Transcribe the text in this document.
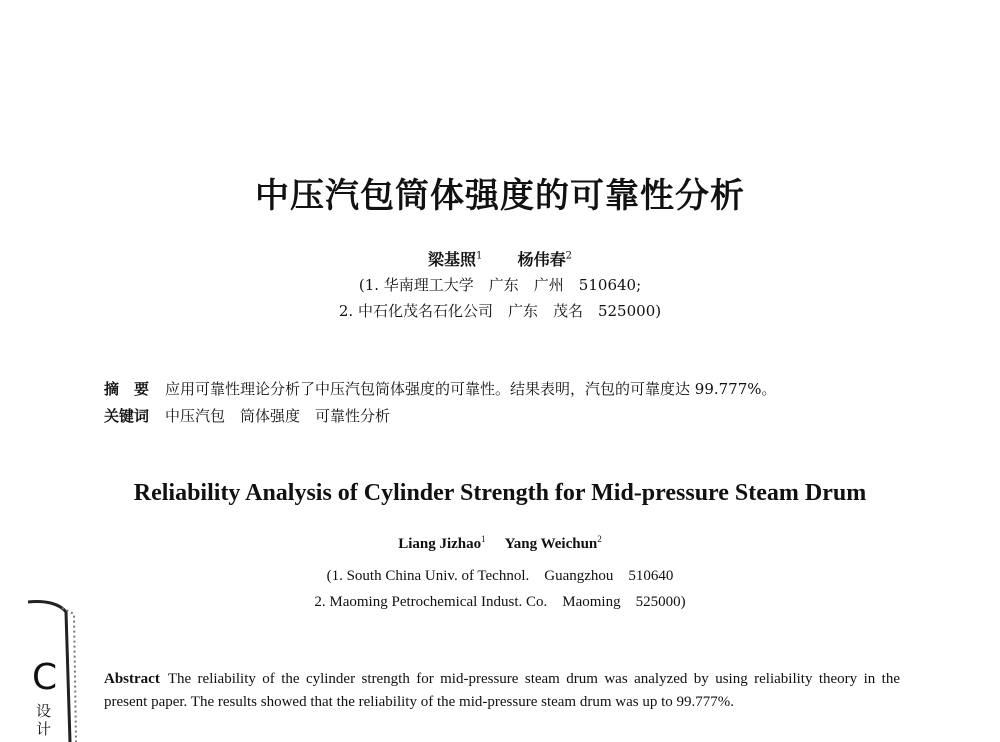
中压汽包筒体强度的可靠性分析
梁基照$^1$ 杨伟春$^2$
(1. 华南理工大学　广东　广州　510640;
2. 中石化茂名石化公司　广东　茂名　525000)
摘　要 应用可靠性理论分析了中压汽包筒体强度的可靠性。结果表明，汽包的可靠度达 99.777%。
关键词 中压汽包　筒体强度　可靠性分析
Reliability Analysis of Cylinder Strength for Mid-pressure Steam Drum
Liang Jizhao$^1$ Yang Weichun$^2$
(1. South China Univ. of Technol.　Guangzhou　510640
2. Maoming Petrochemical Indust. Co.　Maoming　525000)
Abstract The reliability of the cylinder strength for mid-pressure steam drum was analyzed by using reliability theory in the present paper. The results showed that the reliability of the mid-pressure steam drum was up to 99.777%.
C
设计
